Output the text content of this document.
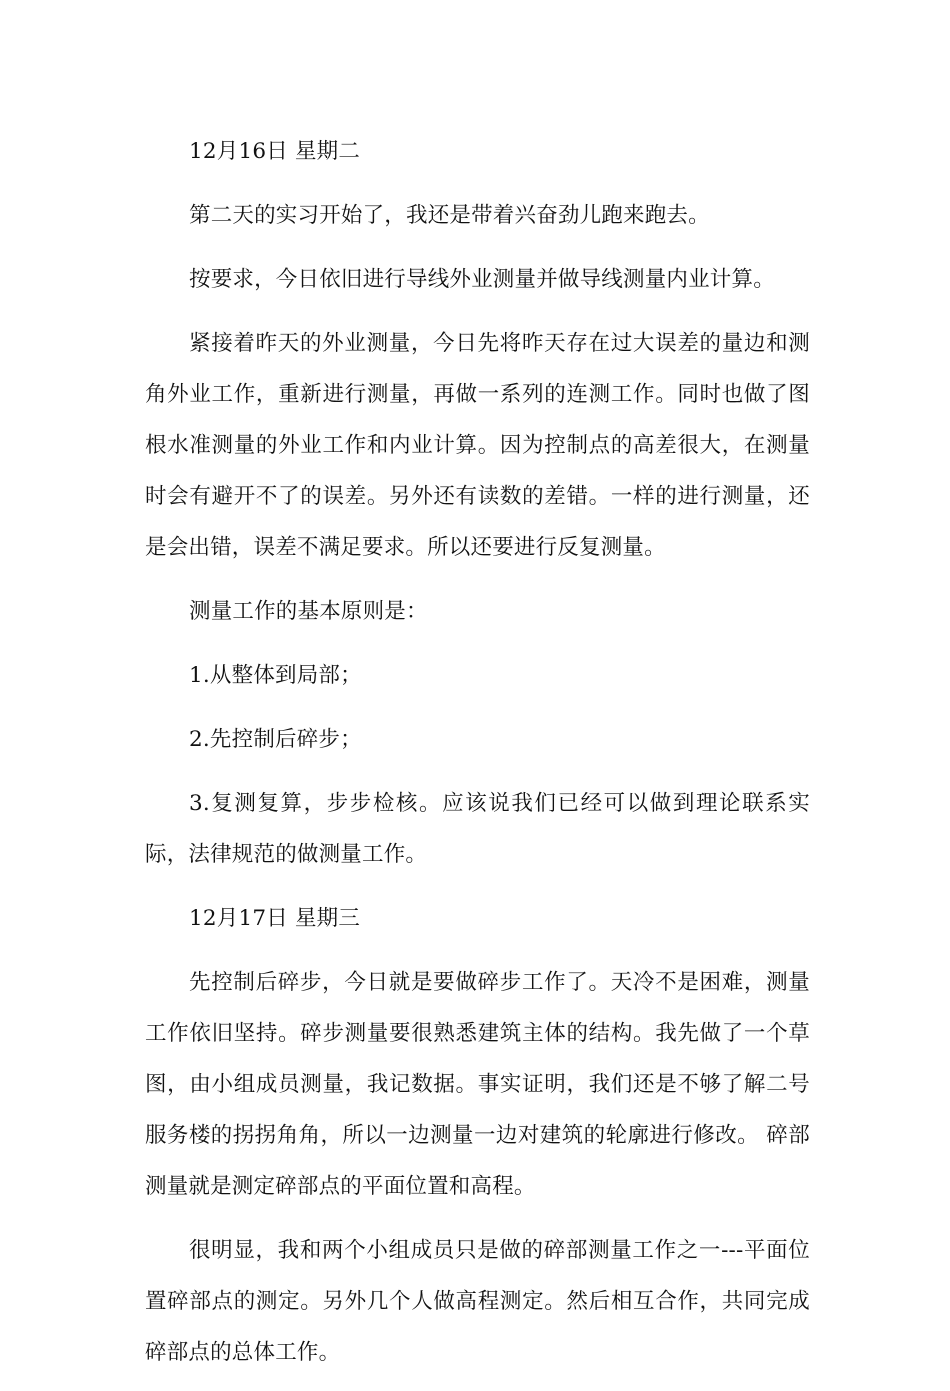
12月16日 星期二

第二天的实习开始了，我还是带着兴奋劲儿跑来跑去。

按要求，今日依旧进行导线外业测量并做导线测量内业计算。

紧接着昨天的外业测量，今日先将昨天存在过大误差的量边和测角外业工作，重新进行测量，再做一系列的连测工作。同时也做了图根水准测量的外业工作和内业计算。因为控制点的高差很大，在测量时会有避开不了的误差。另外还有读数的差错。一样的进行测量，还是会出错，误差不满足要求。所以还要进行反复测量。

测量工作的基本原则是：

1.从整体到局部；

2.先控制后碎步；

3.复测复算，步步检核。应该说我们已经可以做到理论联系实际，法律规范的做测量工作。

12月17日 星期三

先控制后碎步，今日就是要做碎步工作了。天冷不是困难，测量工作依旧坚持。碎步测量要很熟悉建筑主体的结构。我先做了一个草图，由小组成员测量，我记数据。事实证明，我们还是不够了解二号服务楼的拐拐角角，所以一边测量一边对建筑的轮廓进行修改。 碎部测量就是测定碎部点的平面位置和高程。

很明显，我和两个小组成员只是做的碎部测量工作之一---平面位置碎部点的测定。另外几个人做高程测定。然后相互合作，共同完成碎部点的总体工作。
